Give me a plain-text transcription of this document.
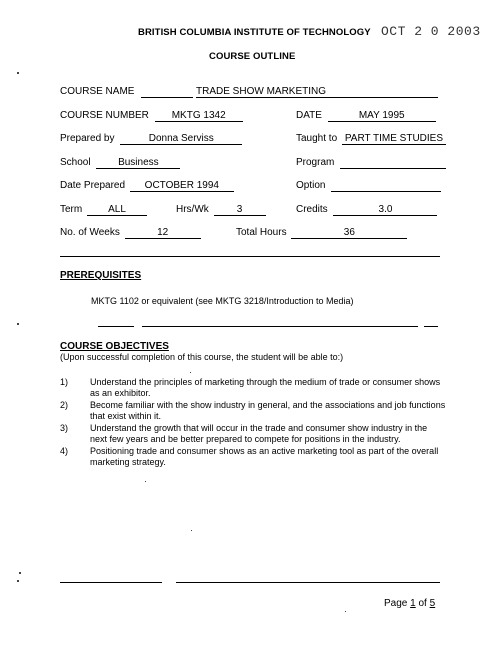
BRITISH COLUMBIA INSTITUTE OF TECHNOLOGY OCT 2 0 2003
COURSE OUTLINE
COURSE NAME	TRADE SHOW MARKETING
COURSE NUMBER MKTG 1342	DATE	MAY 1995
Prepared by	Donna Serviss	Taught to PART TIME STUDIES
School	Business	Program
Date Prepared OCTOBER 1994	Option
Term	ALL	Hrs/Wk	3	Credits	3.0
No. of Weeks	12	Total Hours	36
PREREQUISITES
MKTG 1102 or equivalent (see MKTG 3218/Introduction to Media)
COURSE OBJECTIVES
(Upon successful completion of this course, the student will be able to:)
1) Understand the principles of marketing through the medium of trade or consumer shows as an exhibitor.
2) Become familiar with the show industry in general, and the associations and job functions that exist within it.
3) Understand the growth that will occur in the trade and consumer show industry in the next few years and be better prepared to compete for positions in the industry.
4) Positioning trade and consumer shows as an active marketing tool as part of the overall marketing strategy.
Page 1 of 5
